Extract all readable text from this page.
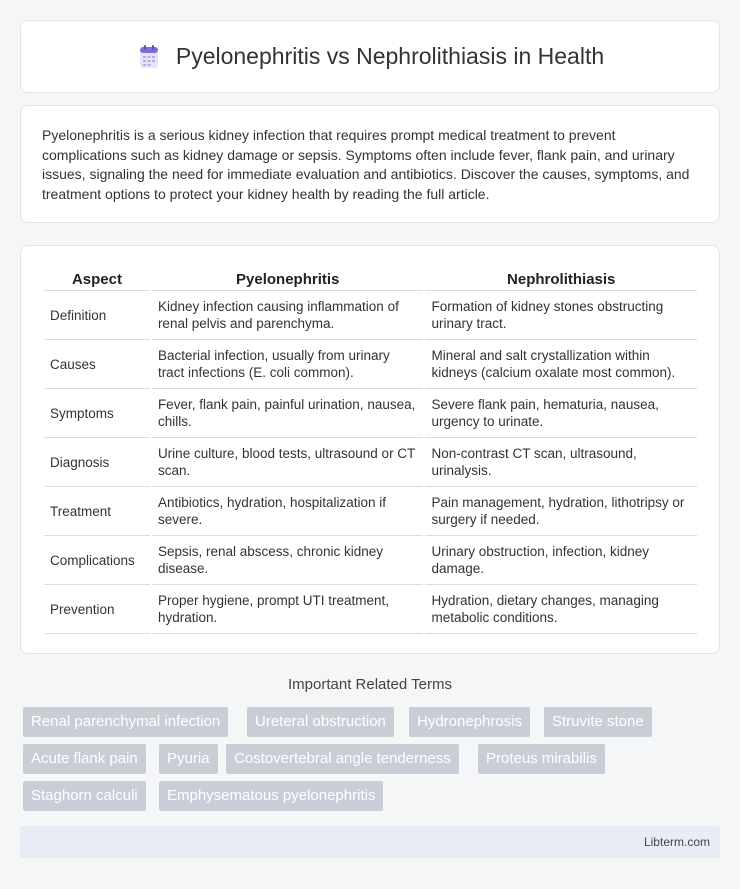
Pyelonephritis vs Nephrolithiasis in Health

Pyelonephritis is a serious kidney infection that requires prompt medical treatment to prevent complications such as kidney damage or sepsis. Symptoms often include fever, flank pain, and urinary issues, signaling the need for immediate evaluation and antibiotics. Discover the causes, symptoms, and treatment options to protect your kidney health by reading the full article.

Aspect	Pyelonephritis	Nephrolithiasis
Definition	Kidney infection causing inflammation of renal pelvis and parenchyma.	Formation of kidney stones obstructing urinary tract.
Causes	Bacterial infection, usually from urinary tract infections (E. coli common).	Mineral and salt crystallization within kidneys (calcium oxalate most common).
Symptoms	Fever, flank pain, painful urination, nausea, chills.	Severe flank pain, hematuria, nausea, urgency to urinate.
Diagnosis	Urine culture, blood tests, ultrasound or CT scan.	Non-contrast CT scan, ultrasound, urinalysis.
Treatment	Antibiotics, hydration, hospitalization if severe.	Pain management, hydration, lithotripsy or surgery if needed.
Complications	Sepsis, renal abscess, chronic kidney disease.	Urinary obstruction, infection, kidney damage.
Prevention	Proper hygiene, prompt UTI treatment, hydration.	Hydration, dietary changes, managing metabolic conditions.
Important Related Terms
Renal parenchymal infection	Ureteral obstruction	Hydronephrosis	Struvite stone
Acute flank pain	Pyuria	Costovertebral angle tenderness	Proteus mirabilis
Staghorn calculi	Emphysematous pyelonephritis
Libterm.com
